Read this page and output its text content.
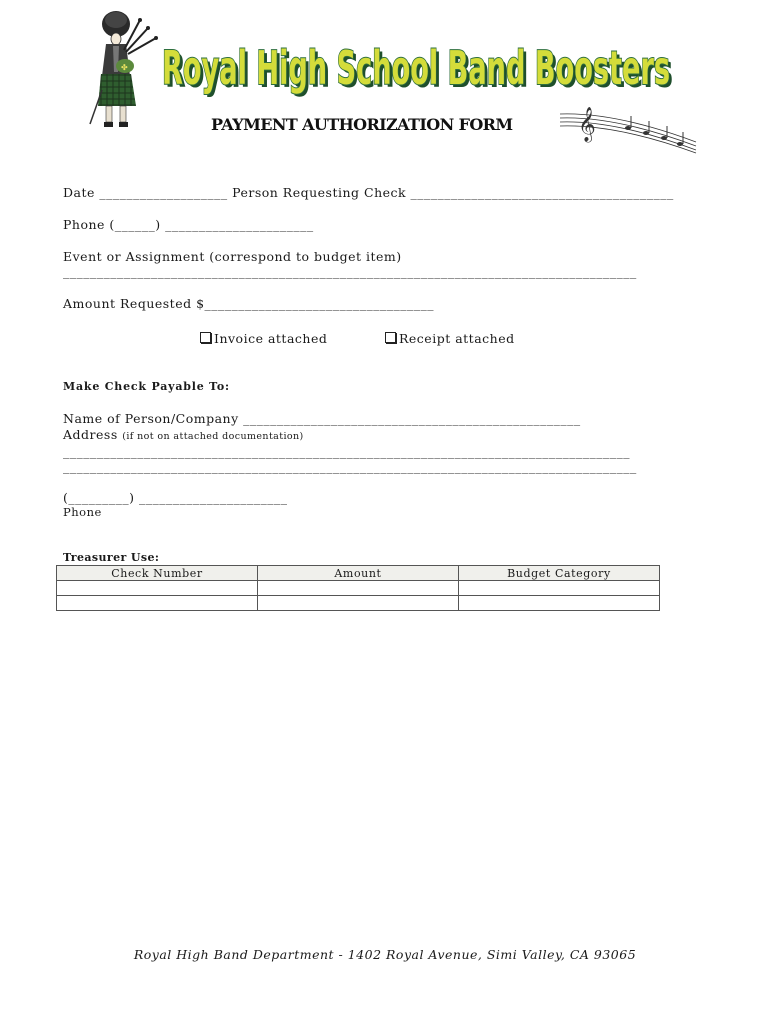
✤ Royal High School Band Boosters
Royal High School Band Boosters
𝄞
PAYMENT AUTHORIZATION FORM
Date ___________________ Person Requesting Check _______________________________________
Phone (______) ______________________
Event or Assignment (correspond to budget item)
_____________________________________________________________________________________
Amount Requested $__________________________________
Invoice attached	Receipt attached
Make Check Payable To:
Name of Person/Company __________________________________________________
Address (if not on attached documentation)
____________________________________________________________________________________
_____________________________________________________________________________________
(_________) ______________________
Phone
Treasurer Use:
Check Number	Amount	Budget Category

Royal High Band Department - 1402 Royal Avenue, Simi Valley, CA 93065
